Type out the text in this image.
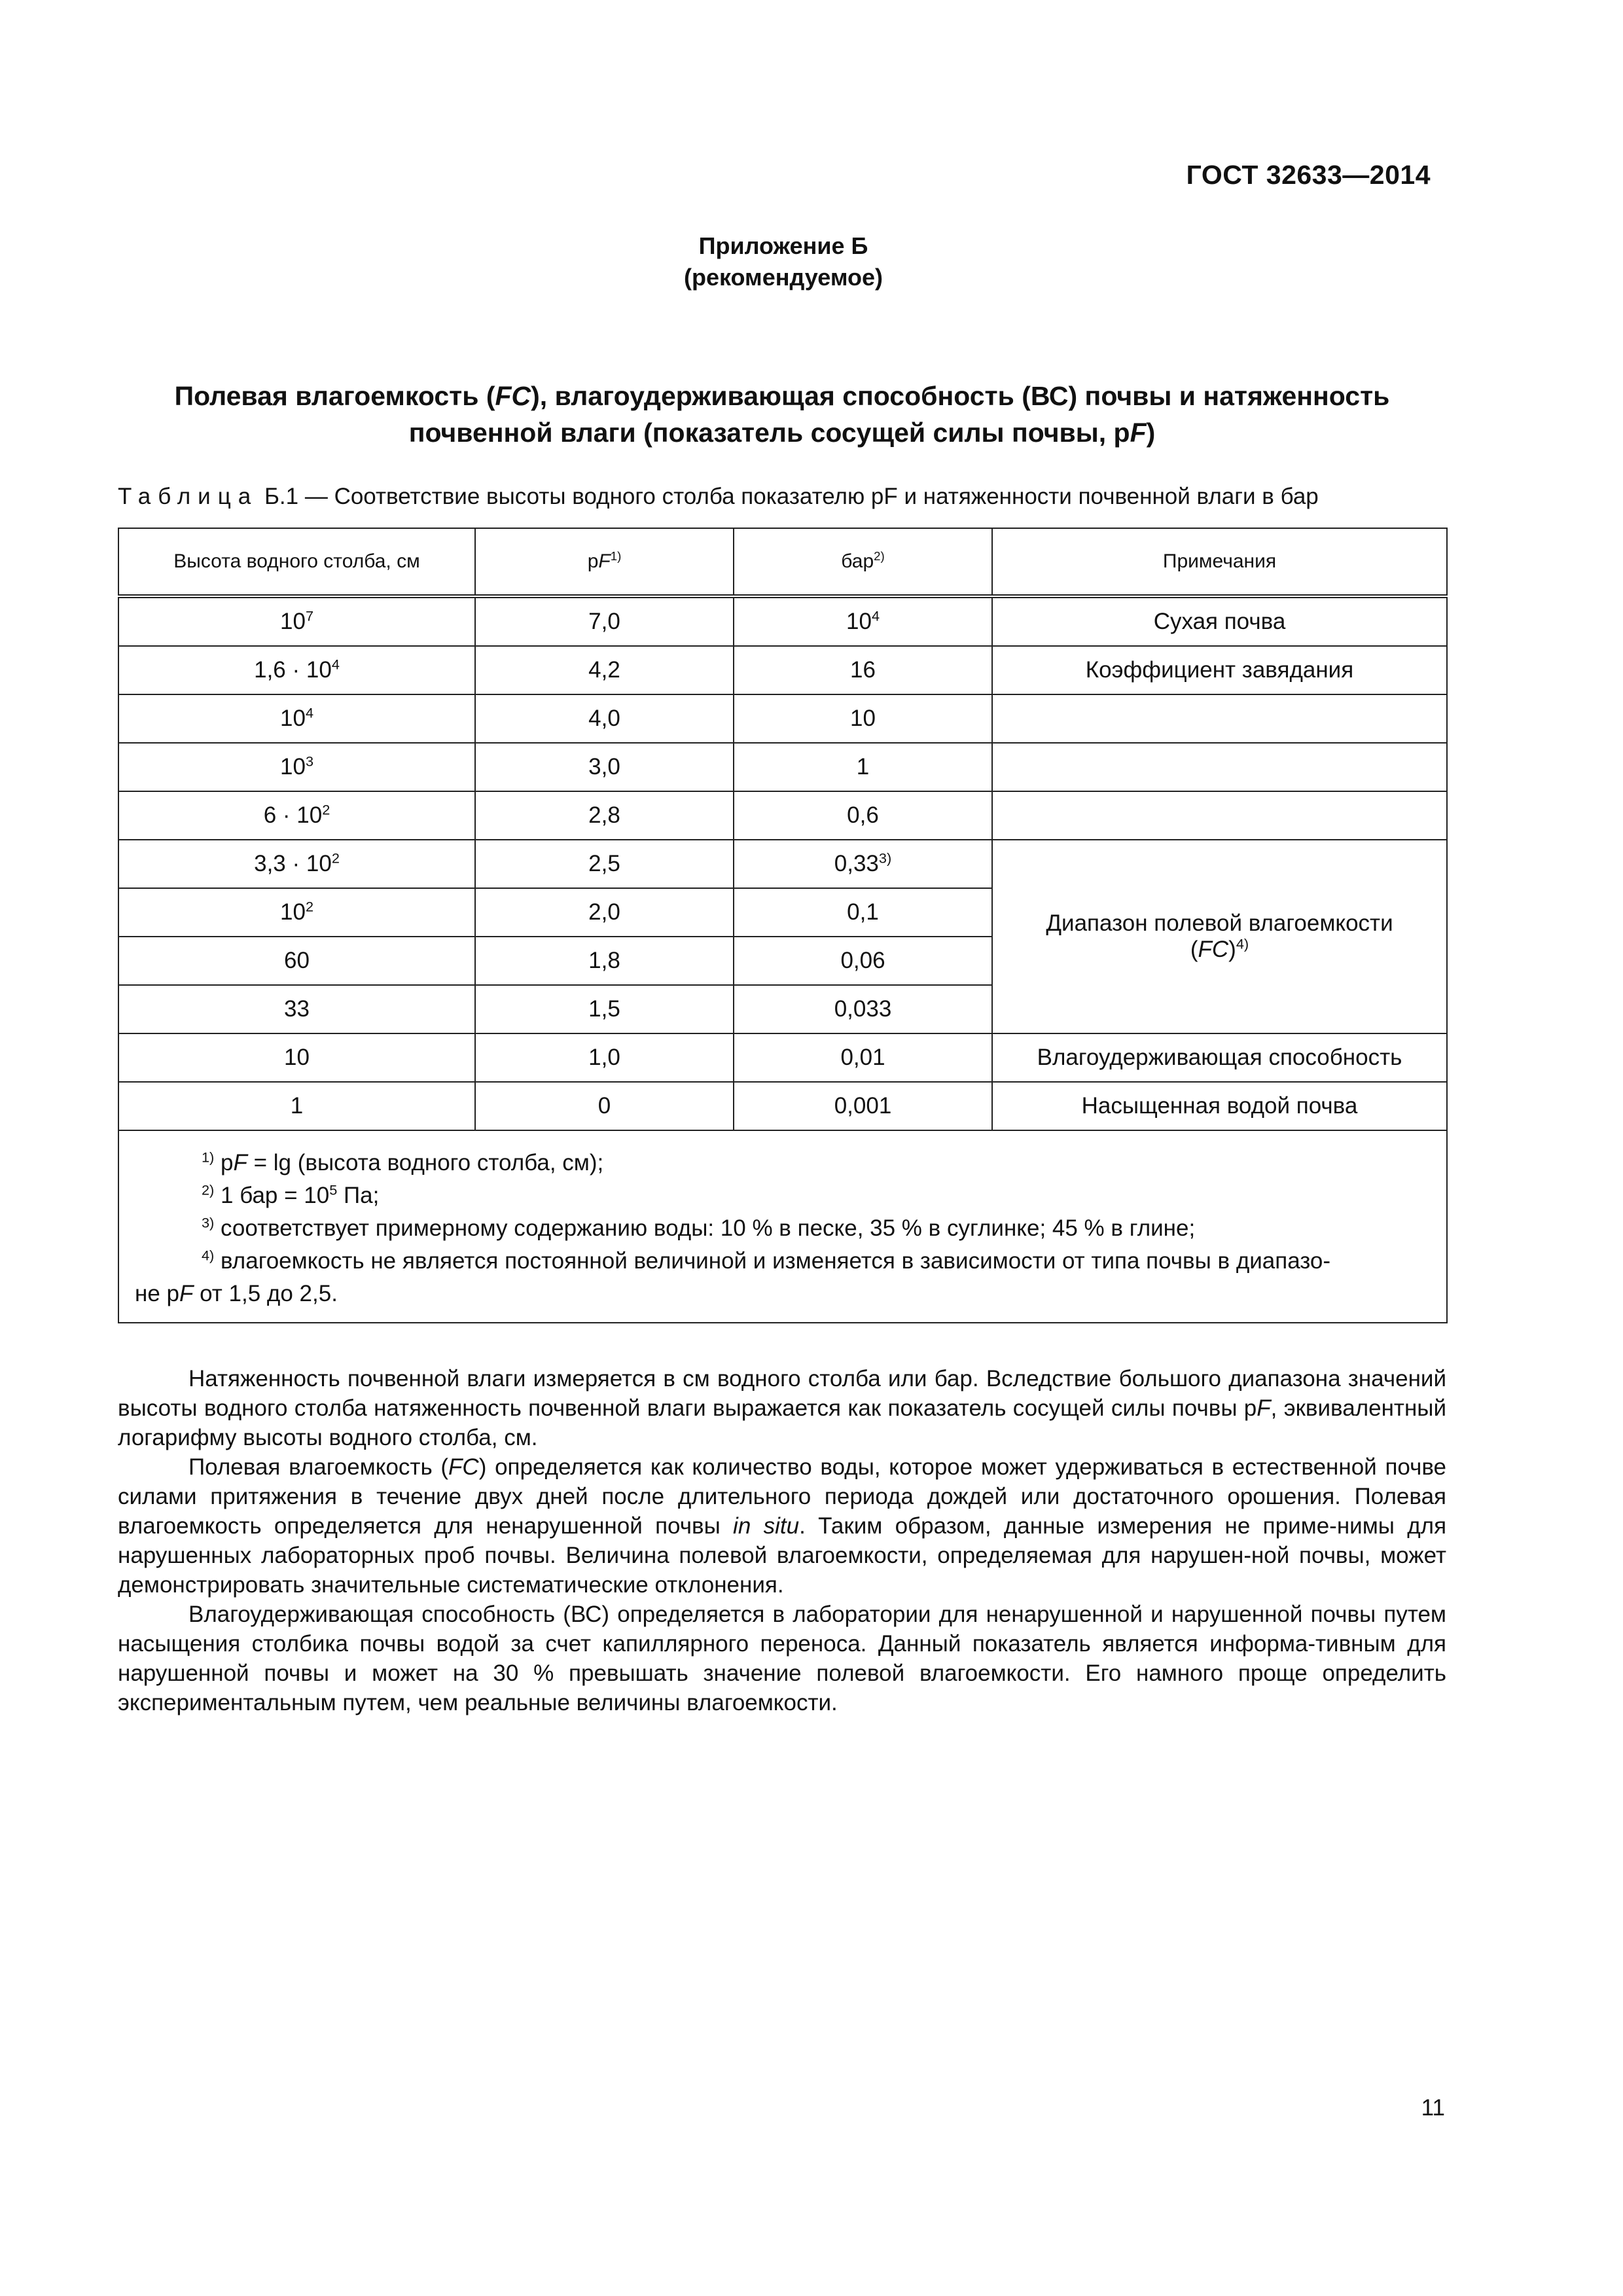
ГОСТ 32633—2014
Приложение Б
(рекомендуемое)
Полевая влагоемкость (FC), влагоудерживающая способность (ВС) почвы и натяженность
почвенной влаги (показатель сосущей силы почвы, pF)
Таблица Б.1 — Соответствие высоты водного столба показателю pF и натяженности почвенной влаги в бар
Высота водного столба, см	$pF^{1)}$	бар$^{2)}$	Примечания
$10^7$	7,0	$10^4$	Сухая почва
$1,6 \cdot 10^4$	4,2	16	Коэффициент завядания
$10^4$	4,0	10	
$10^3$	3,0	1	
$6 \cdot 10^2$	2,8	0,6	
$3,3 \cdot 10^2$	2,5	0,33$^{3)}$	Диапазон полевой влагоемкости
(FC)$^{4)}$
$10^2$	2,0	0,1	
60	1,8	0,06	
33	1,5	0,033	
10	1,0	0,01	Влагоудерживающая способность
1	0	0,001	Насыщенная водой почва

$^{1)}$ pF = lg (высота водного столба, см);
$^{2)}$ 1 бар = $10^5$ Па;
$^{3)}$ соответствует примерному содержанию воды: 10 % в песке, 35 % в суглинке; 45 % в глине;
$^{4)}$ влагоемкость не является постоянной величиной и изменяется в зависимости от типа почвы в диапазо-
не pF от 1,5 до 2,5.			

Натяженность почвенной влаги измеряется в см водного столба или бар. Вследствие большого диапазона значений высоты водного столба натяженность почвенной влаги выражается как показатель сосущей силы почвы pF, эквивалентный логарифму высоты водного столба, см.

Полевая влагоемкость (FC) определяется как количество воды, которое может удерживаться в естественной почве силами притяжения в течение двух дней после длительного периода дождей или достаточного орошения. Полевая влагоемкость определяется для ненарушенной почвы in situ. Таким образом, данные измерения не приме-нимы для нарушенных лабораторных проб почвы. Величина полевой влагоемкости, определяемая для нарушен-ной почвы, может демонстрировать значительные систематические отклонения.

Влагоудерживающая способность (ВС) определяется в лаборатории для ненарушенной и нарушенной почвы путем насыщения столбика почвы водой за счет капиллярного переноса. Данный показатель является информа-тивным для нарушенной почвы и может на 30 % превышать значение полевой влагоемкости. Его намного проще определить экспериментальным путем, чем реальные величины влагоемкости.

11
